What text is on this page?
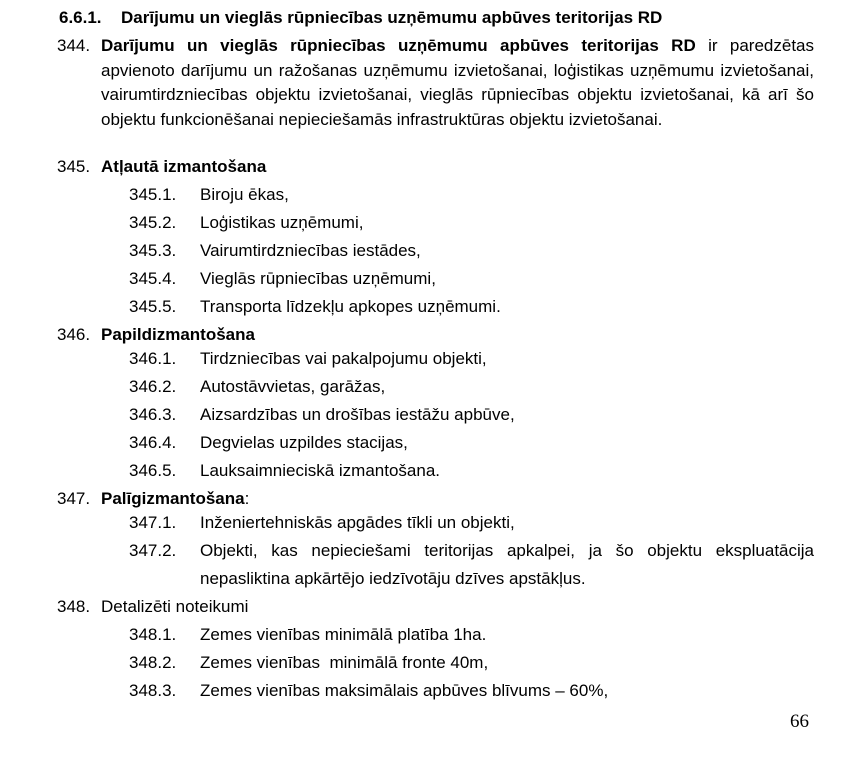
6.6.1. Darījumu un vieglās rūpniecības uzņēmumu apbūves teritorijas RD
344. Darījumu un vieglās rūpniecības uzņēmumu apbūves teritorijas RD ir paredzētas apvienoto darījumu un ražošanas uzņēmumu izvietošanai, loģistikas uzņēmumu izvietošanai, vairumtirdzniecības objektu izvietošanai, vieglās rūpniecības objektu izvietošanai, kā arī šo objektu funkcionēšanai nepieciešamās infrastruktūras objektu izvietošanai.
345. Atļautā izmantošana
345.1. Biroju ēkas,
345.2. Loģistikas uzņēmumi,
345.3. Vairumtirdzniecības iestādes,
345.4. Vieglās rūpniecības uzņēmumi,
345.5. Transporta līdzekļu apkopes uzņēmumi.
346. Papildizmantošana
346.1. Tirdzniecības vai pakalpojumu objekti,
346.2. Autostāvvietas, garāžas,
346.3. Aizsardzības un drošības iestāžu apbūve,
346.4. Degvielas uzpildes stacijas,
346.5. Lauksaimnieciskā izmantošana.
347. Palīgizmantošana:
347.1. Inženiertehniskās apgādes tīkli un objekti,
347.2. Objekti, kas nepieciešami teritorijas apkalpei, ja šo objektu ekspluatācija nepasliktina apkārtējo iedzīvotāju dzīves apstākļus.
348. Detalizēti noteikumi
348.1. Zemes vienības minimālā platība 1ha.
348.2. Zemes vienības  minimālā fronte 40m,
348.3. Zemes vienības maksimālais apbūves blīvums – 60%,
66
